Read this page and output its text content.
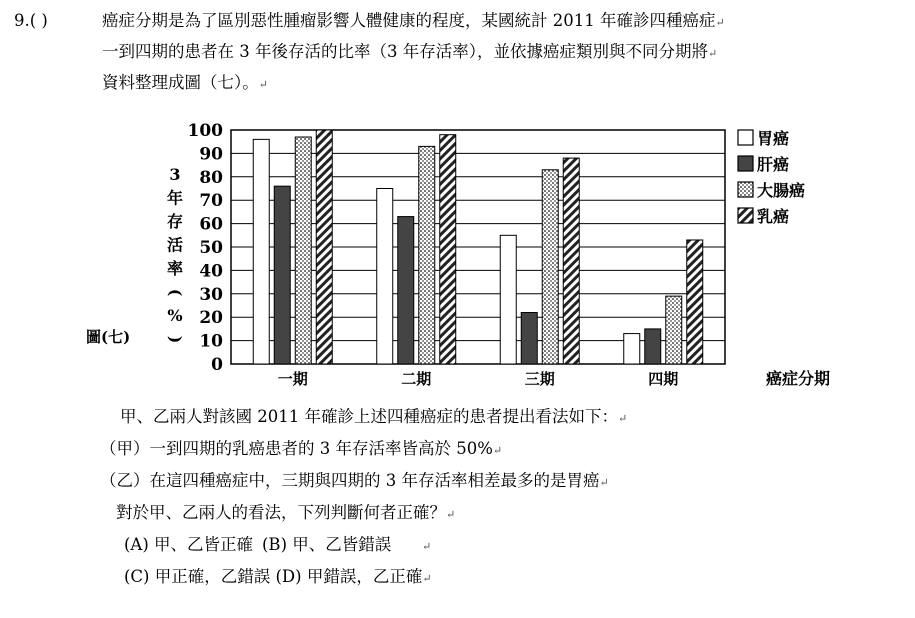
9.( )	癌症分期是為了區別惡性腫瘤影響人體健康的程度，某國統計 2011 年確診四種癌症↵
一到四期的患者在 3 年後存活的比率（3 年存活率），並依據癌症類別與不同分期將↵
資料整理成圖（七）。↵
0
10
20
30
40
50
60
70
80
90
100
3
年
存
活
率
(
%
)
一期	二期	三期	四期	癌症分期
胃癌
肝癌
大腸癌
乳癌
圖(七)
甲、乙兩人對該國 2011 年確診上述四種癌症的患者提出看法如下：↵
（甲）一到四期的乳癌患者的 3 年存活率皆高於 50%↵
（乙）在這四種癌症中，三期與四期的 3 年存活率相差最多的是胃癌↵
對於甲、乙兩人的看法，下列判斷何者正確？↵
(A) 甲、乙皆正確 (B) 甲、乙皆錯誤	↵
(C) 甲正確，乙錯誤 (D) 甲錯誤，乙正確↵
